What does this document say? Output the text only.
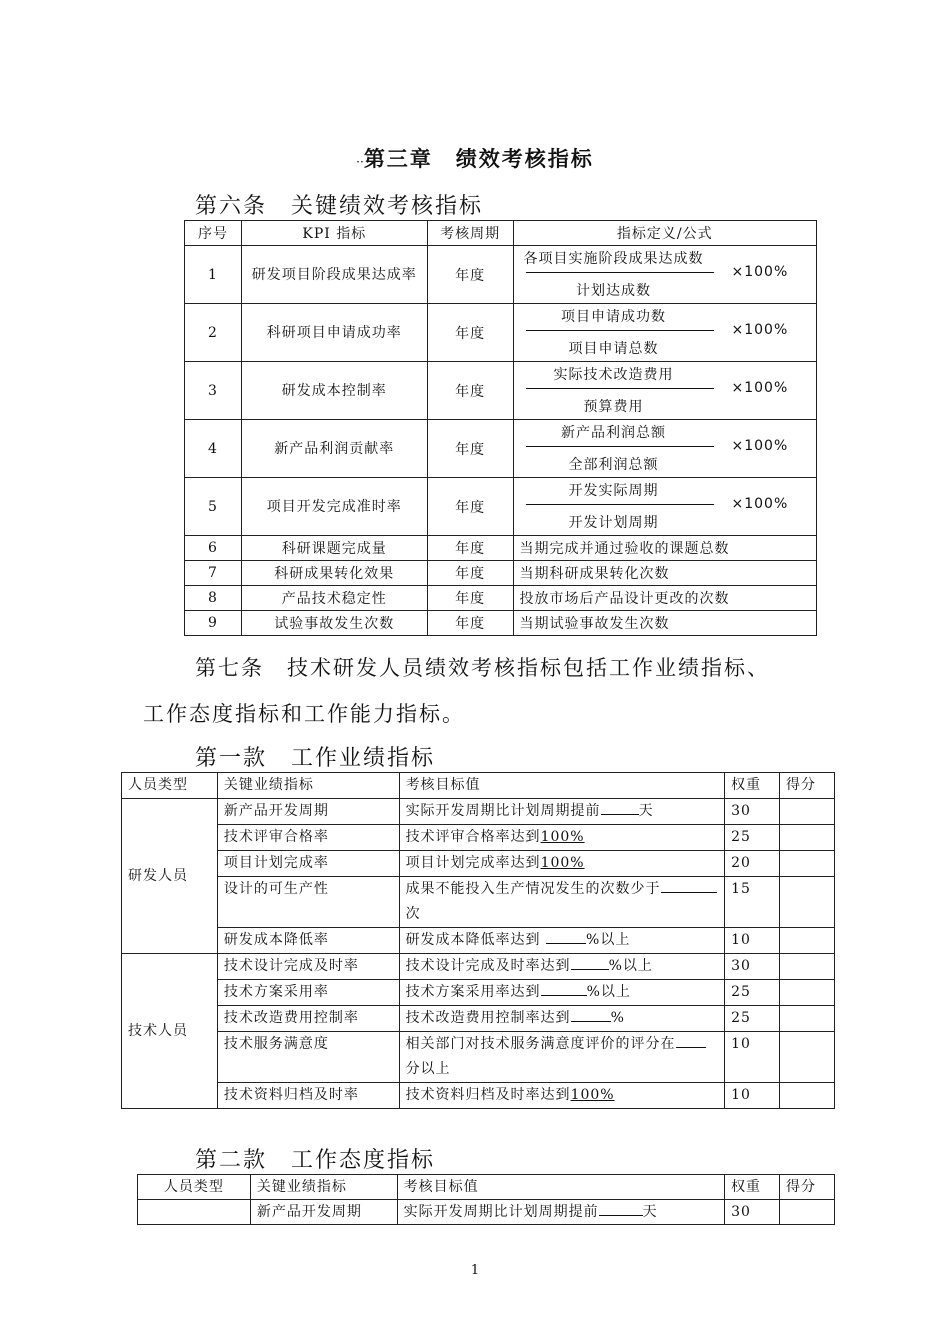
··第三章　绩效考核指标
第六条　关键绩效考核指标
序号	KPI 指标	考核周期	指标定义/公式
1	研发项目阶段成果达成率	年度	各项目实施阶段成果达成数
计划达成数
×100%

2	科研项目申请成功率	年度	项目申请成功数
项目申请总数
×100%

3	研发成本控制率	年度	实际技术改造费用
预算费用
×100%

4	新产品利润贡献率	年度	新产品利润总额
全部利润总额
×100%

5	项目开发完成准时率	年度	开发实际周期
开发计划周期
×100%

6	科研课题完成量	年度	当期完成并通过验收的课题总数
7	科研成果转化效果	年度	当期科研成果转化次数
8	产品技术稳定性	年度	投放市场后产品设计更改的次数
9	试验事故发生次数	年度	当期试验事故发生次数
第七条　技术研发人员绩效考核指标包括工作业绩指标、
工作态度指标和工作能力指标。
第一款　工作业绩指标
人员类型	关键业绩指标	考核目标值	权重	得分
研发人员	新产品开发周期	实际开发周期比计划周期提前 天	30	
	技术评审合格率	技术评审合格率达到100%	25	
	项目计划完成率	项目计划完成率达到100%	20	
	设计的可生产性	成果不能投入生产情况发生的次数少于次	15	
	研发成本降低率	研发成本降低率达到 %以上	10	
技术人员	技术设计完成及时率	技术设计完成及时率达到 %以上	30	
	技术方案采用率	技术方案采用率达到 %以上	25	
	技术改造费用控制率	技术改造费用控制率达到 %	25	
	技术服务满意度	相关部门对技术服务满意度评价的评分在分以上	10	
	技术资料归档及时率	技术资料归档及时率达到100%	10	
第二款　工作态度指标
人员类型	关键业绩指标	考核目标值	权重	得分
	新产品开发周期	实际开发周期比计划周期提前 天	30	
1
